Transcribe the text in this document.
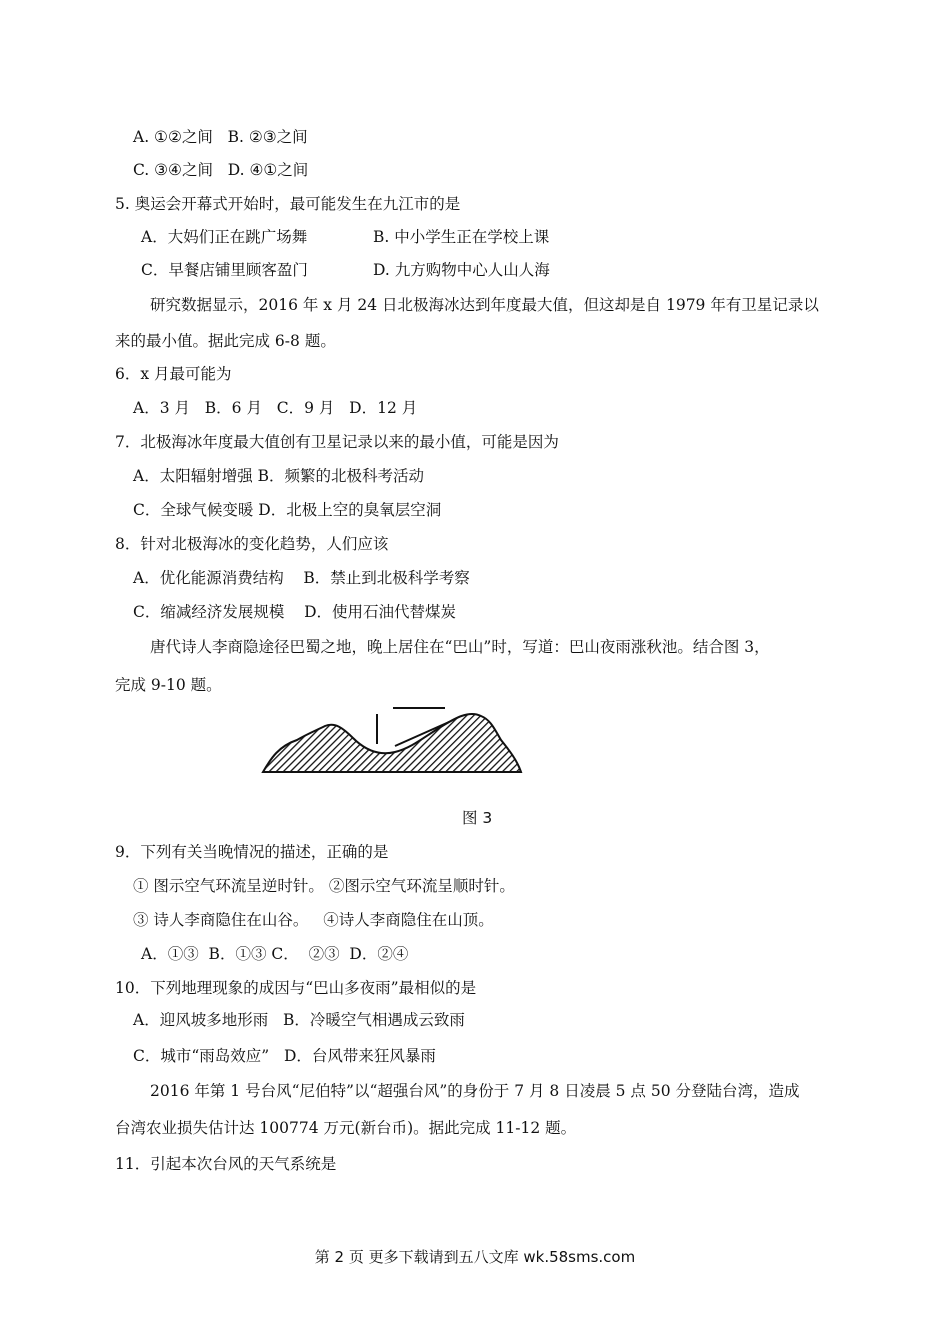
A. ①②之间   B. ②③之间
C. ③④之间   D. ④①之间
5. 奥运会开幕式开始时，最可能发生在九江市的是
A．大妈们正在跳广场舞	B. 中小学生正在学校上课
C．早餐店铺里顾客盈门	D. 九方购物中心人山人海
研究数据显示，2016 年 x 月 24 日北极海冰达到年度最大值，但这却是自 1979 年有卫星记录以
来的最小值。据此完成 6-8 题。
6．x 月最可能为
A．3 月   B．6 月   C．9 月   D．12 月
7．北极海冰年度最大值创有卫星记录以来的最小值，可能是因为
A．太阳辐射增强 B．频繁的北极科考活动
C．全球气候变暖 D．北极上空的臭氧层空洞
8．针对北极海冰的变化趋势，人们应该
A．优化能源消费结构    B．禁止到北极科学考察
C．缩减经济发展规模    D．使用石油代替煤炭
唐代诗人李商隐途径巴蜀之地，晚上居住在“巴山”时，写道：巴山夜雨涨秋池。结合图 3，
完成 9-10 题。
图 3
9．下列有关当晚情况的描述，正确的是
① 图示空气环流呈逆时针。 ②图示空气环流呈顺时针。
③ 诗人李商隐住在山谷。   ④诗人李商隐住在山顶。
A．①③  B．①③ C．  ②③  D．②④
10．下列地理现象的成因与“巴山多夜雨”最相似的是
A．迎风坡多地形雨   B．冷暖空气相遇成云致雨
C．城市“雨岛效应”   D．台风带来狂风暴雨
2016 年第 1 号台风“尼伯特”以“超强台风”的身份于 7 月 8 日凌晨 5 点 50 分登陆台湾，造成
台湾农业损失估计达 100774 万元(新台币)。据此完成 11-12 题。
11．引起本次台风的天气系统是
第 2 页 更多下载请到五八文库 wk.58sms.com
